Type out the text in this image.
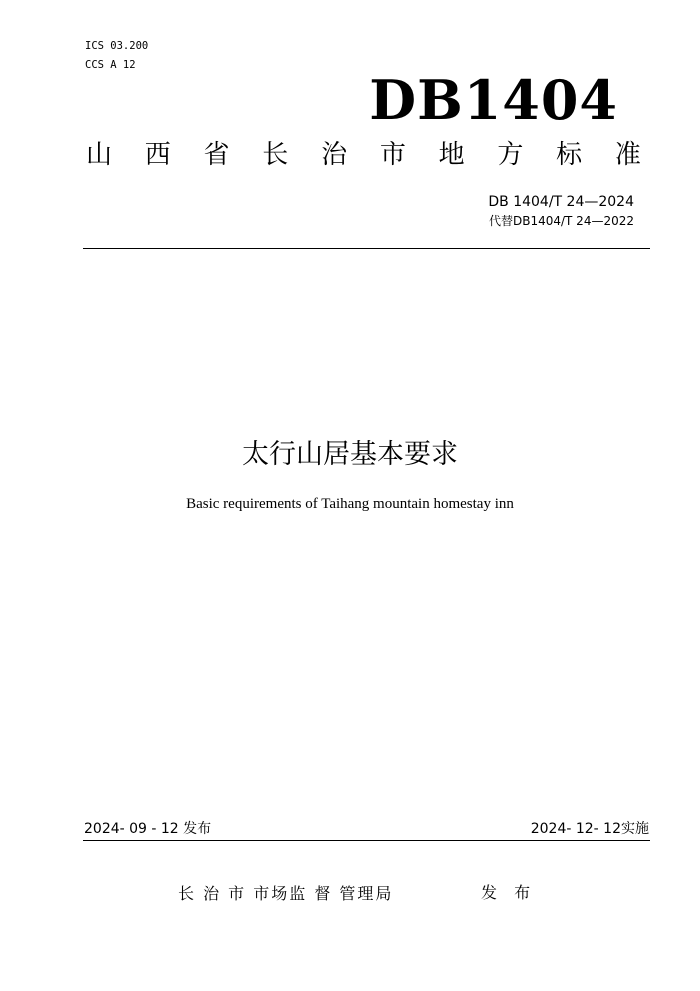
ICS 03.200
CCS A 12
DB1404
山 西 省 长 治 市 地 方 标 准
DB 1404/T 24—2024
代替DB1404/T 24—2022
太行山居基本要求
Basic requirements of Taihang mountain homestay inn
2024- 09 - 12 发布	2024- 12- 12实施
长 治 市 市场监 督 管理局	发 布
